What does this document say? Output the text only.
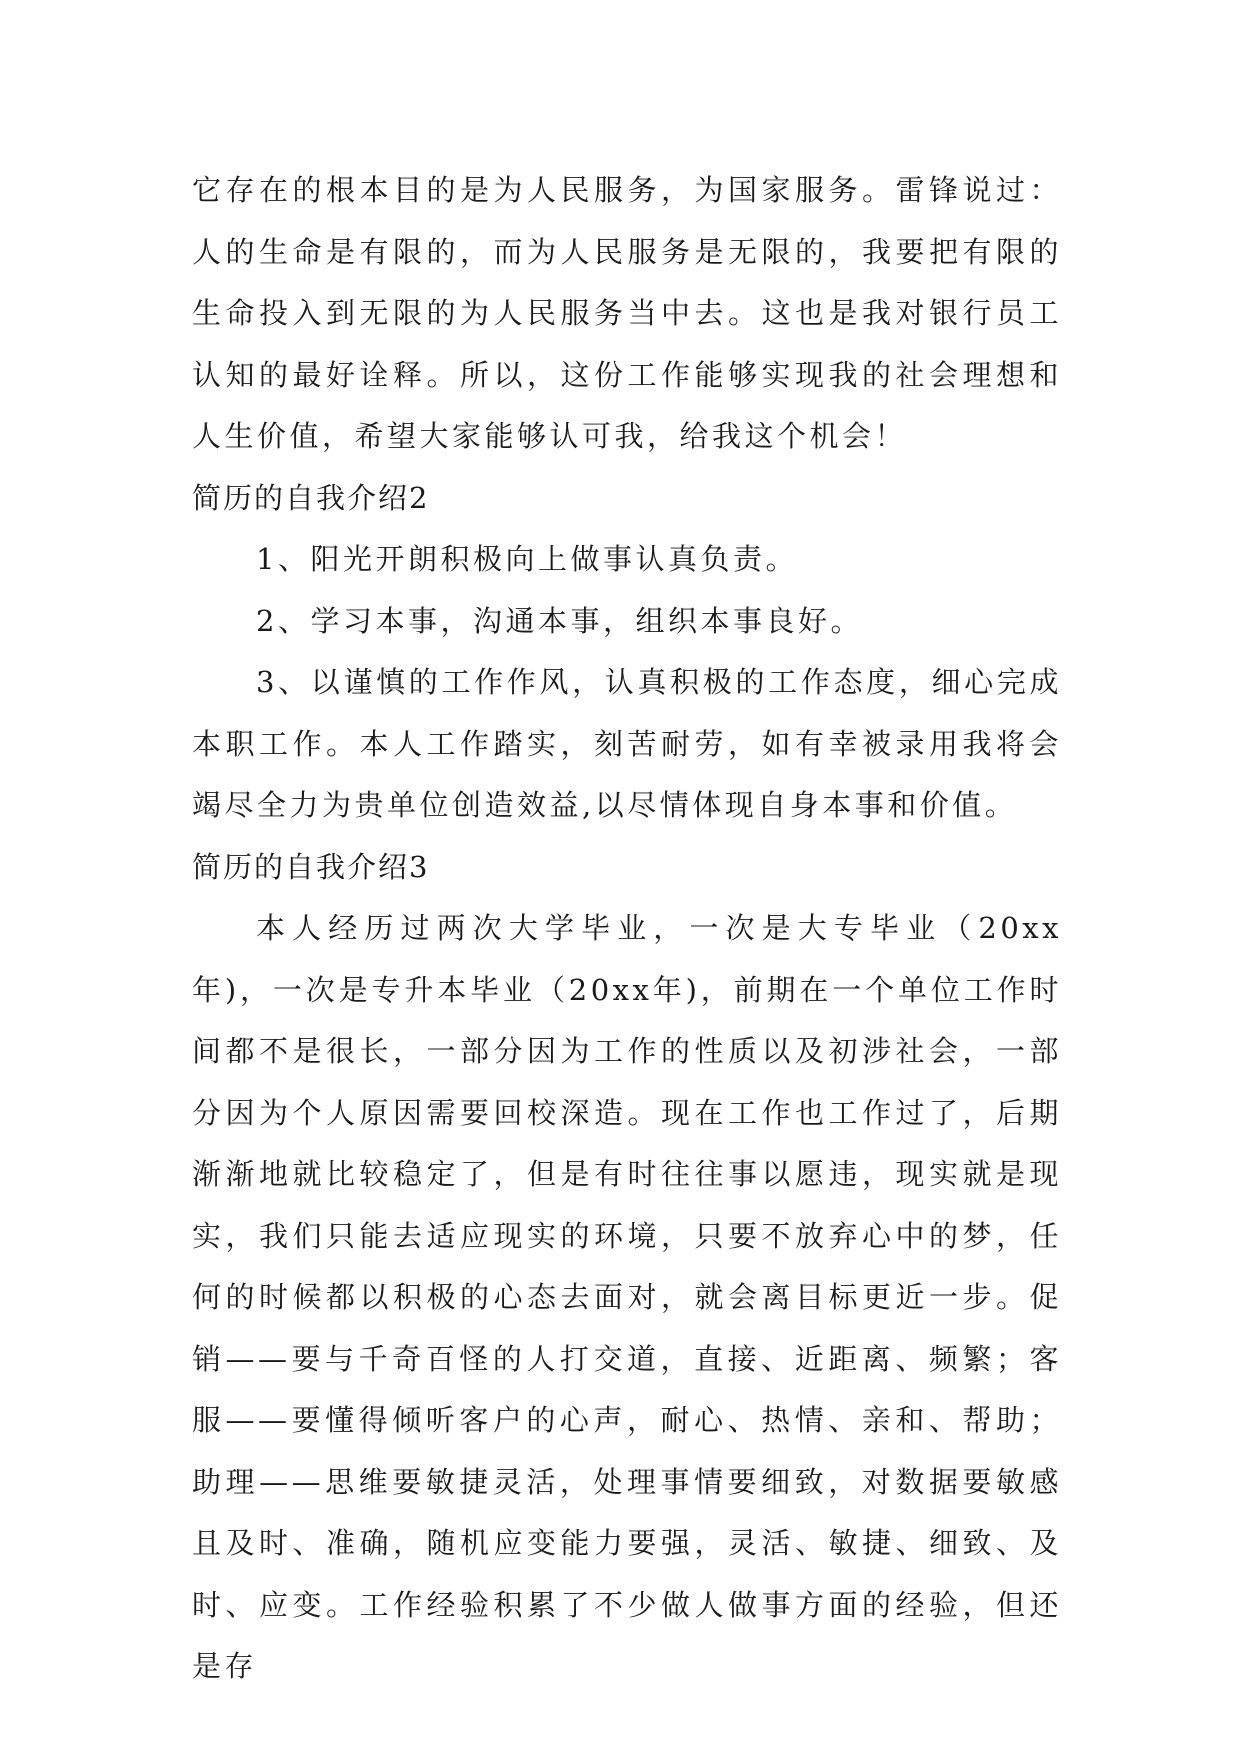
它存在的根本目的是为人民服务，为国家服务。雷锋说过：人的生命是有限的，而为人民服务是无限的，我要把有限的生命投入到无限的为人民服务当中去。这也是我对银行员工认知的最好诠释。所以，这份工作能够实现我的社会理想和人生价值，希望大家能够认可我，给我这个机会！

简历的自我介绍2

1、阳光开朗积极向上做事认真负责。

2、学习本事，沟通本事，组织本事良好。

3、以谨慎的工作作风，认真积极的工作态度，细心完成本职工作。本人工作踏实，刻苦耐劳，如有幸被录用我将会竭尽全力为贵单位创造效益,以尽情体现自身本事和价值。

简历的自我介绍3

本人经历过两次大学毕业，一次是大专毕业（20xx年)，一次是专升本毕业（20xx年)，前期在一个单位工作时间都不是很长，一部分因为工作的性质以及初涉社会，一部分因为个人原因需要回校深造。现在工作也工作过了，后期渐渐地就比较稳定了，但是有时往往事以愿违，现实就是现实，我们只能去适应现实的环境，只要不放弃心中的梦，任何的时候都以积极的心态去面对，就会离目标更近一步。促销——要与千奇百怪的人打交道，直接、近距离、频繁；客服——要懂得倾听客户的心声，耐心、热情、亲和、帮助；助理——思维要敏捷灵活，处理事情要细致，对数据要敏感且及时、准确，随机应变能力要强，灵活、敏捷、细致、及时、应变。工作经验积累了不少做人做事方面的经验，但还是存
